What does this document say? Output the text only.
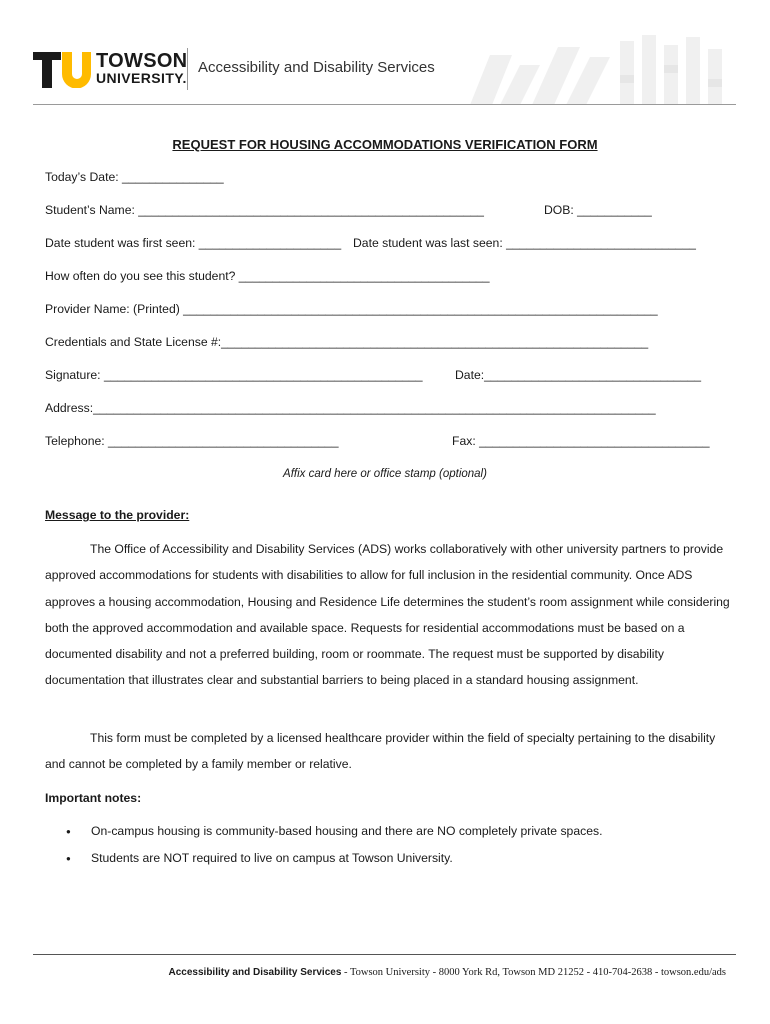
TOWSON
UNIVERSITY.
Accessibility and Disability Services
REQUEST FOR HOUSING ACCOMMODATIONS VERIFICATION FORM
Today’s Date: _______________
Student’s Name: ___________________________________________________	DOB: ___________
Date student was first seen: _____________________ Date student was last seen: ____________________________
How often do you see this student? _____________________________________
Provider Name: (Printed) ______________________________________________________________________
Credentials and State License #:_______________________________________________________________
Signature: _______________________________________________	Date:________________________________
Address:___________________________________________________________________________________
Telephone: __________________________________	Fax: __________________________________
Affix card here or office stamp (optional)
Message to the provider:
The Office of Accessibility and Disability Services (ADS) works collaboratively with other university partners to provide approved accommodations for students with disabilities to allow for full inclusion in the residential community. Once ADS approves a housing accommodation, Housing and Residence Life determines the student’s room assignment while considering both the approved accommodation and available space. Requests for residential accommodations must be based on a documented disability and not a preferred building, room or roommate. The request must be supported by disability documentation that illustrates clear and substantial barriers to being placed in a standard housing assignment.
This form must be completed by a licensed healthcare provider within the field of specialty pertaining to the disability and cannot be completed by a family member or relative.
Important notes:
● On-campus housing is community-based housing and there are NO completely private spaces.
● Students are NOT required to live on campus at Towson University.
Accessibility and Disability Services - Towson University - 8000 York Rd, Towson MD 21252 - 410-704-2638 - towson.edu/ads
